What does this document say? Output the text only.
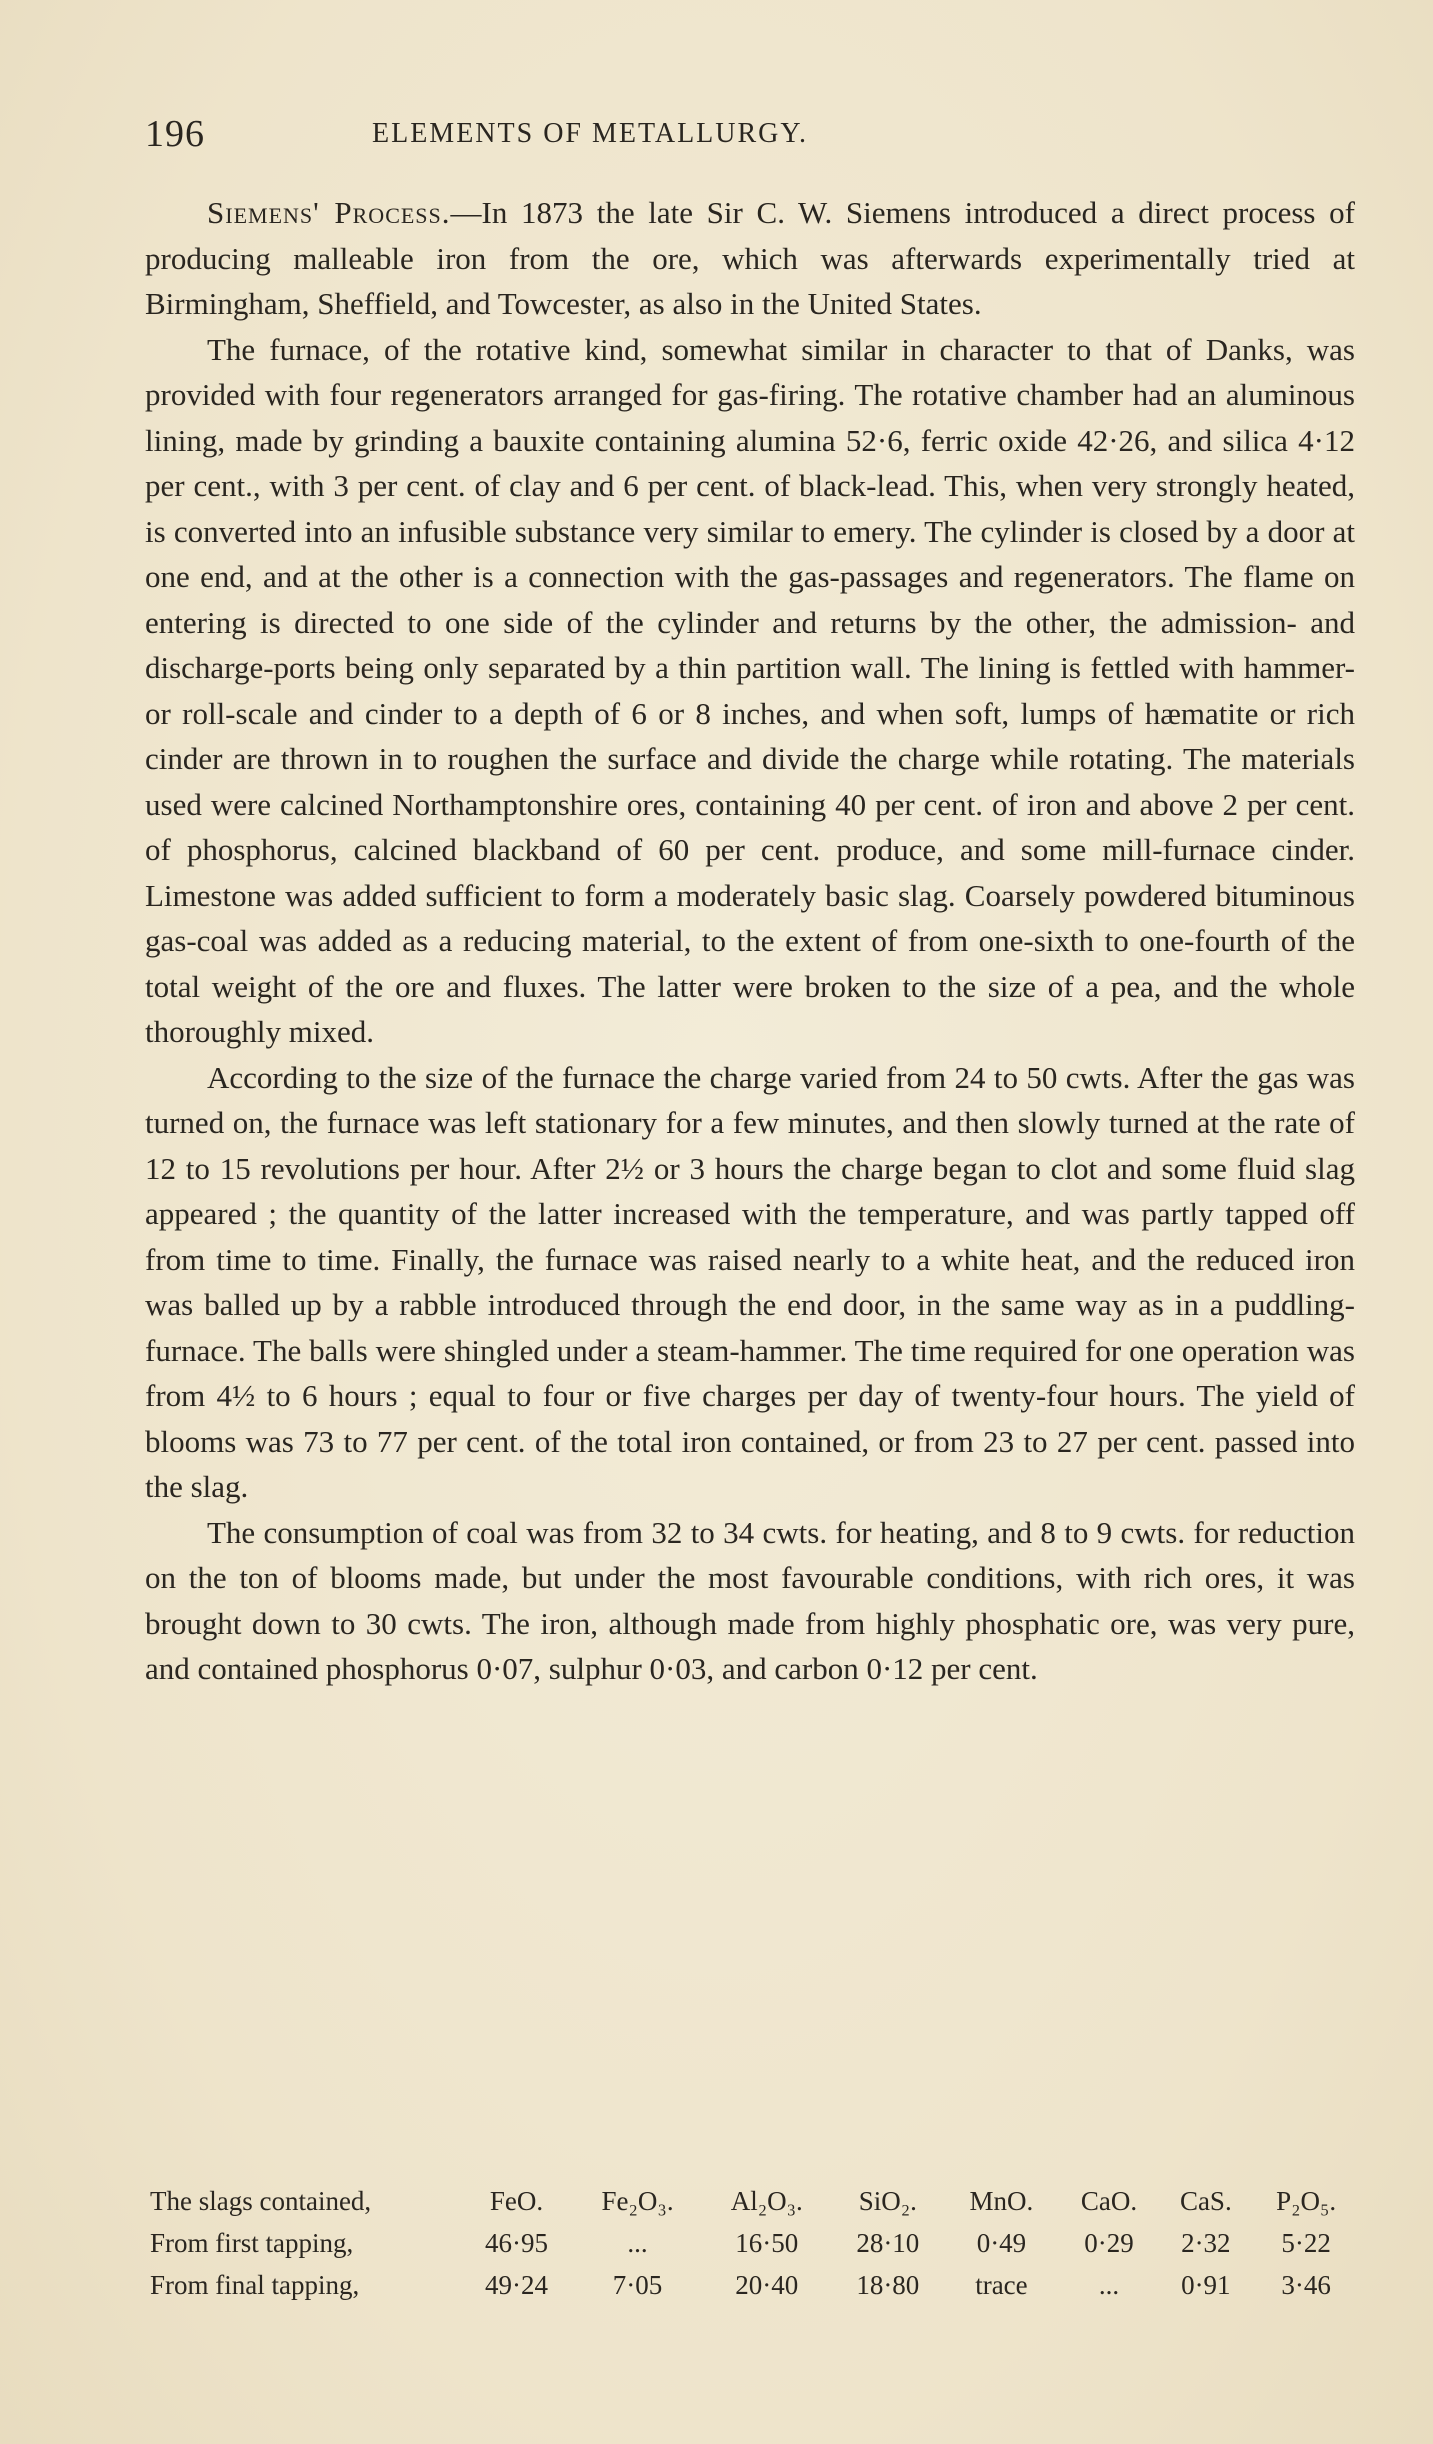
196	ELEMENTS OF METALLURGY.

Siemens' Process.—In 1873 the late Sir C. W. Siemens introduced a direct process of producing malleable iron from the ore, which was afterwards experimentally tried at Birmingham, Sheffield, and Towcester, as also in the United States.

The furnace, of the rotative kind, somewhat similar in character to that of Danks, was provided with four regenerators arranged for gas-firing. The rotative chamber had an aluminous lining, made by grinding a bauxite containing alumina 52·6, ferric oxide 42·26, and silica 4·12 per cent., with 3 per cent. of clay and 6 per cent. of black-lead. This, when very strongly heated, is converted into an infusible substance very similar to emery. The cylinder is closed by a door at one end, and at the other is a connection with the gas-passages and regenerators. The flame on entering is directed to one side of the cylinder and returns by the other, the admission- and discharge-ports being only separated by a thin partition wall. The lining is fettled with hammer- or roll-scale and cinder to a depth of 6 or 8 inches, and when soft, lumps of hæmatite or rich cinder are thrown in to roughen the surface and divide the charge while rotating. The materials used were calcined Northamptonshire ores, containing 40 per cent. of iron and above 2 per cent. of phosphorus, calcined blackband of 60 per cent. produce, and some mill-furnace cinder. Limestone was added sufficient to form a moderately basic slag. Coarsely powdered bituminous gas-coal was added as a reducing material, to the extent of from one-sixth to one-fourth of the total weight of the ore and fluxes. The latter were broken to the size of a pea, and the whole thoroughly mixed.

According to the size of the furnace the charge varied from 24 to 50 cwts. After the gas was turned on, the furnace was left stationary for a few minutes, and then slowly turned at the rate of 12 to 15 revolutions per hour. After 2½ or 3 hours the charge began to clot and some fluid slag appeared ; the quantity of the latter increased with the temperature, and was partly tapped off from time to time. Finally, the furnace was raised nearly to a white heat, and the reduced iron was balled up by a rabble introduced through the end door, in the same way as in a puddling-furnace. The balls were shingled under a steam-hammer. The time required for one operation was from 4½ to 6 hours ; equal to four or five charges per day of twenty-four hours. The yield of blooms was 73 to 77 per cent. of the total iron contained, or from 23 to 27 per cent. passed into the slag.

The consumption of coal was from 32 to 34 cwts. for heating, and 8 to 9 cwts. for reduction on the ton of blooms made, but under the most favourable conditions, with rich ores, it was brought down to 30 cwts. The iron, although made from highly phosphatic ore, was very pure, and contained phosphorus 0·07, sulphur 0·03, and carbon 0·12 per cent.

The slags contained,	FeO.	Fe₂O₃.	Al₂O₃.	SiO₂.	MnO.	CaO.	CaS.	P₂O₅.
From first tapping,	46·95	...	16·50	28·10	0·49	0·29	2·32	5·22
From final tapping,	49·24	7·05	20·40	18·80	trace	...	0·91	3·46
